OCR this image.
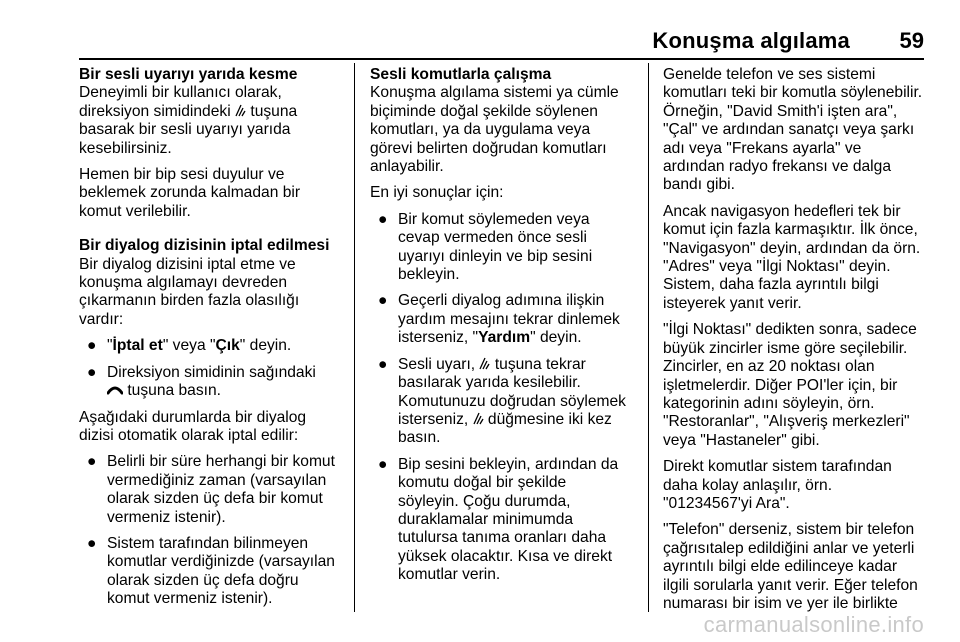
Konuşma algılama 59
Bir sesli uyarıyı yarıda kesme
Deneyimli bir kullanıcı olarak,
direksiyon simidindeki tuşuna
basarak bir sesli uyarıyı yarıda
kesebilirsiniz.
Hemen bir bip sesi duyulur ve
beklemek zorunda kalmadan bir
komut verilebilir.
Bir diyalog dizisinin iptal edilmesi
Bir diyalog dizisini iptal etme ve
konuşma algılamayı devreden
çıkarmanın birden fazla olasılığı
vardır:
● "İptal et" veya "Çık" deyin.
● Direksiyon simidinin sağındaki
tuşuna basın.
Aşağıdaki durumlarda bir diyalog
dizisi otomatik olarak iptal edilir:
● Belirli bir süre herhangi bir komut
vermediğiniz zaman (varsayılan
olarak sizden üç defa bir komut
vermeniz istenir).
● Sistem tarafından bilinmeyen
komutlar verdiğinizde (varsayılan
olarak sizden üç defa doğru
komut vermeniz istenir).
Sesli komutlarla çalışma
Konuşma algılama sistemi ya cümle
biçiminde doğal şekilde söylenen
komutları, ya da uygulama veya
görevi belirten doğrudan komutları
anlayabilir.
En iyi sonuçlar için:
● Bir komut söylemeden veya
cevap vermeden önce sesli
uyarıyı dinleyin ve bip sesini
bekleyin.
● Geçerli diyalog adımına ilişkin
yardım mesajını tekrar dinlemek
isterseniz, "Yardım" deyin.
● Sesli uyarı, tuşuna tekrar
basılarak yarıda kesilebilir.
Komutunuzu doğrudan söylemek
isterseniz, düğmesine iki kez
basın.
● Bip sesini bekleyin, ardından da
komutu doğal bir şekilde
söyleyin. Çoğu durumda,
duraklamalar minimumda
tutulursa tanıma oranları daha
yüksek olacaktır. Kısa ve direkt
komutlar verin.
Genelde telefon ve ses sistemi
komutları teki bir komutla söylenebilir.
Örneğin, "David Smith'i işten ara",
"Çal" ve ardından sanatçı veya şarkı
adı veya "Frekans ayarla" ve
ardından radyo frekansı ve dalga
bandı gibi.
Ancak navigasyon hedefleri tek bir
komut için fazla karmaşıktır. İlk önce,
"Navigasyon" deyin, ardından da örn.
"Adres" veya "İlgi Noktası" deyin.
Sistem, daha fazla ayrıntılı bilgi
isteyerek yanıt verir.
"İlgi Noktası" dedikten sonra, sadece
büyük zincirler isme göre seçilebilir.
Zincirler, en az 20 noktası olan
işletmelerdir. Diğer POI'ler için, bir
kategorinin adını söyleyin, örn.
"Restoranlar", "Alışveriş merkezleri"
veya "Hastaneler" gibi.
Direkt komutlar sistem tarafından
daha kolay anlaşılır, örn.
"01234567'yi Ara".
"Telefon" derseniz, sistem bir telefon
çağrısıtalep edildiğini anlar ve yeterli
ayrıntılı bilgi elde edilinceye kadar
ilgili sorularla yanıt verir. Eğer telefon
numarası bir isim ve yer ile birlikte
carmanualsonline.info
